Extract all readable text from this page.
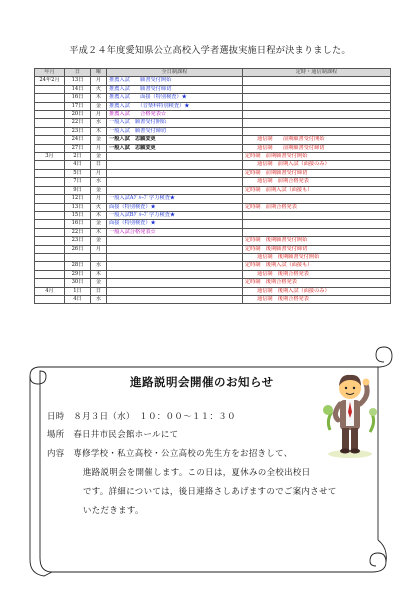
平成２４年度愛知県公立高校入学者選抜実施日程が決まりました。
年月	日	曜	全日制課程	定時・通信制課程
24年2月	13日	月	推薦入試　　願書受付開始	
	14日	火	推薦入試　　願書受付締切	
	16日	木	推薦入試　　面接（特別検査）★	
	17日	金	推薦入試　　（音楽科特別検査）★	
	20日	月	推薦入試　　合格発表☆	
	22日	水	一般入試　願書受付開始	
	23日	木	一般入試　願書受付締切	
	24日	金	一般入試　志願変更	通信制　　前期願書受付開始
	27日	月	一般入試　志願変更	通信制　　前期願書受付締切
3月	2日	金		定時制　前期願書受付開始
	4日	日		通信制　前期入試（面接のみ）
	5日	月		定時制　前期願書受付締切
	7日	水		通信制　前期合格発表
	9日	金		定時制　前期入試（面接も）
	12日	月	一般入試Aｸﾞﾙｰﾌﾟ学力検査★	
	13日	火	面接（特別検査）★	定時制　前期合格発表
	15日	木	一般入試Bｸﾞﾙｰﾌﾟ学力検査★	
	16日	金	面接（特別検査）★	
	22日	木	一般入試合格発表☆	
	23日	金		定時制　後期願書受付開始
	26日	月		定時制　後期願書受付締切
				通信制　後期願書受付開始
	28日	水		定時制　後期入試（面接も）
	29日	木		通信制　後期合格発表
	30日	金		定時制　後期合格発表
4月	1日	日		通信制　後期入試（面接のみ）
	4日	水		通信制　後期合格発表
進路説明会開催のお知らせ
日時　８月３日（水）　１０：００〜１１：３０
場所　春日井市民会館ホールにて
内容　専修学校・私立高校・公立高校の先生方をお招きして、
進路説明会を開催します。この日は，夏休みの全校出校日
です。詳細については，後日連絡さしあげますのでご案内させて
いただきます。
